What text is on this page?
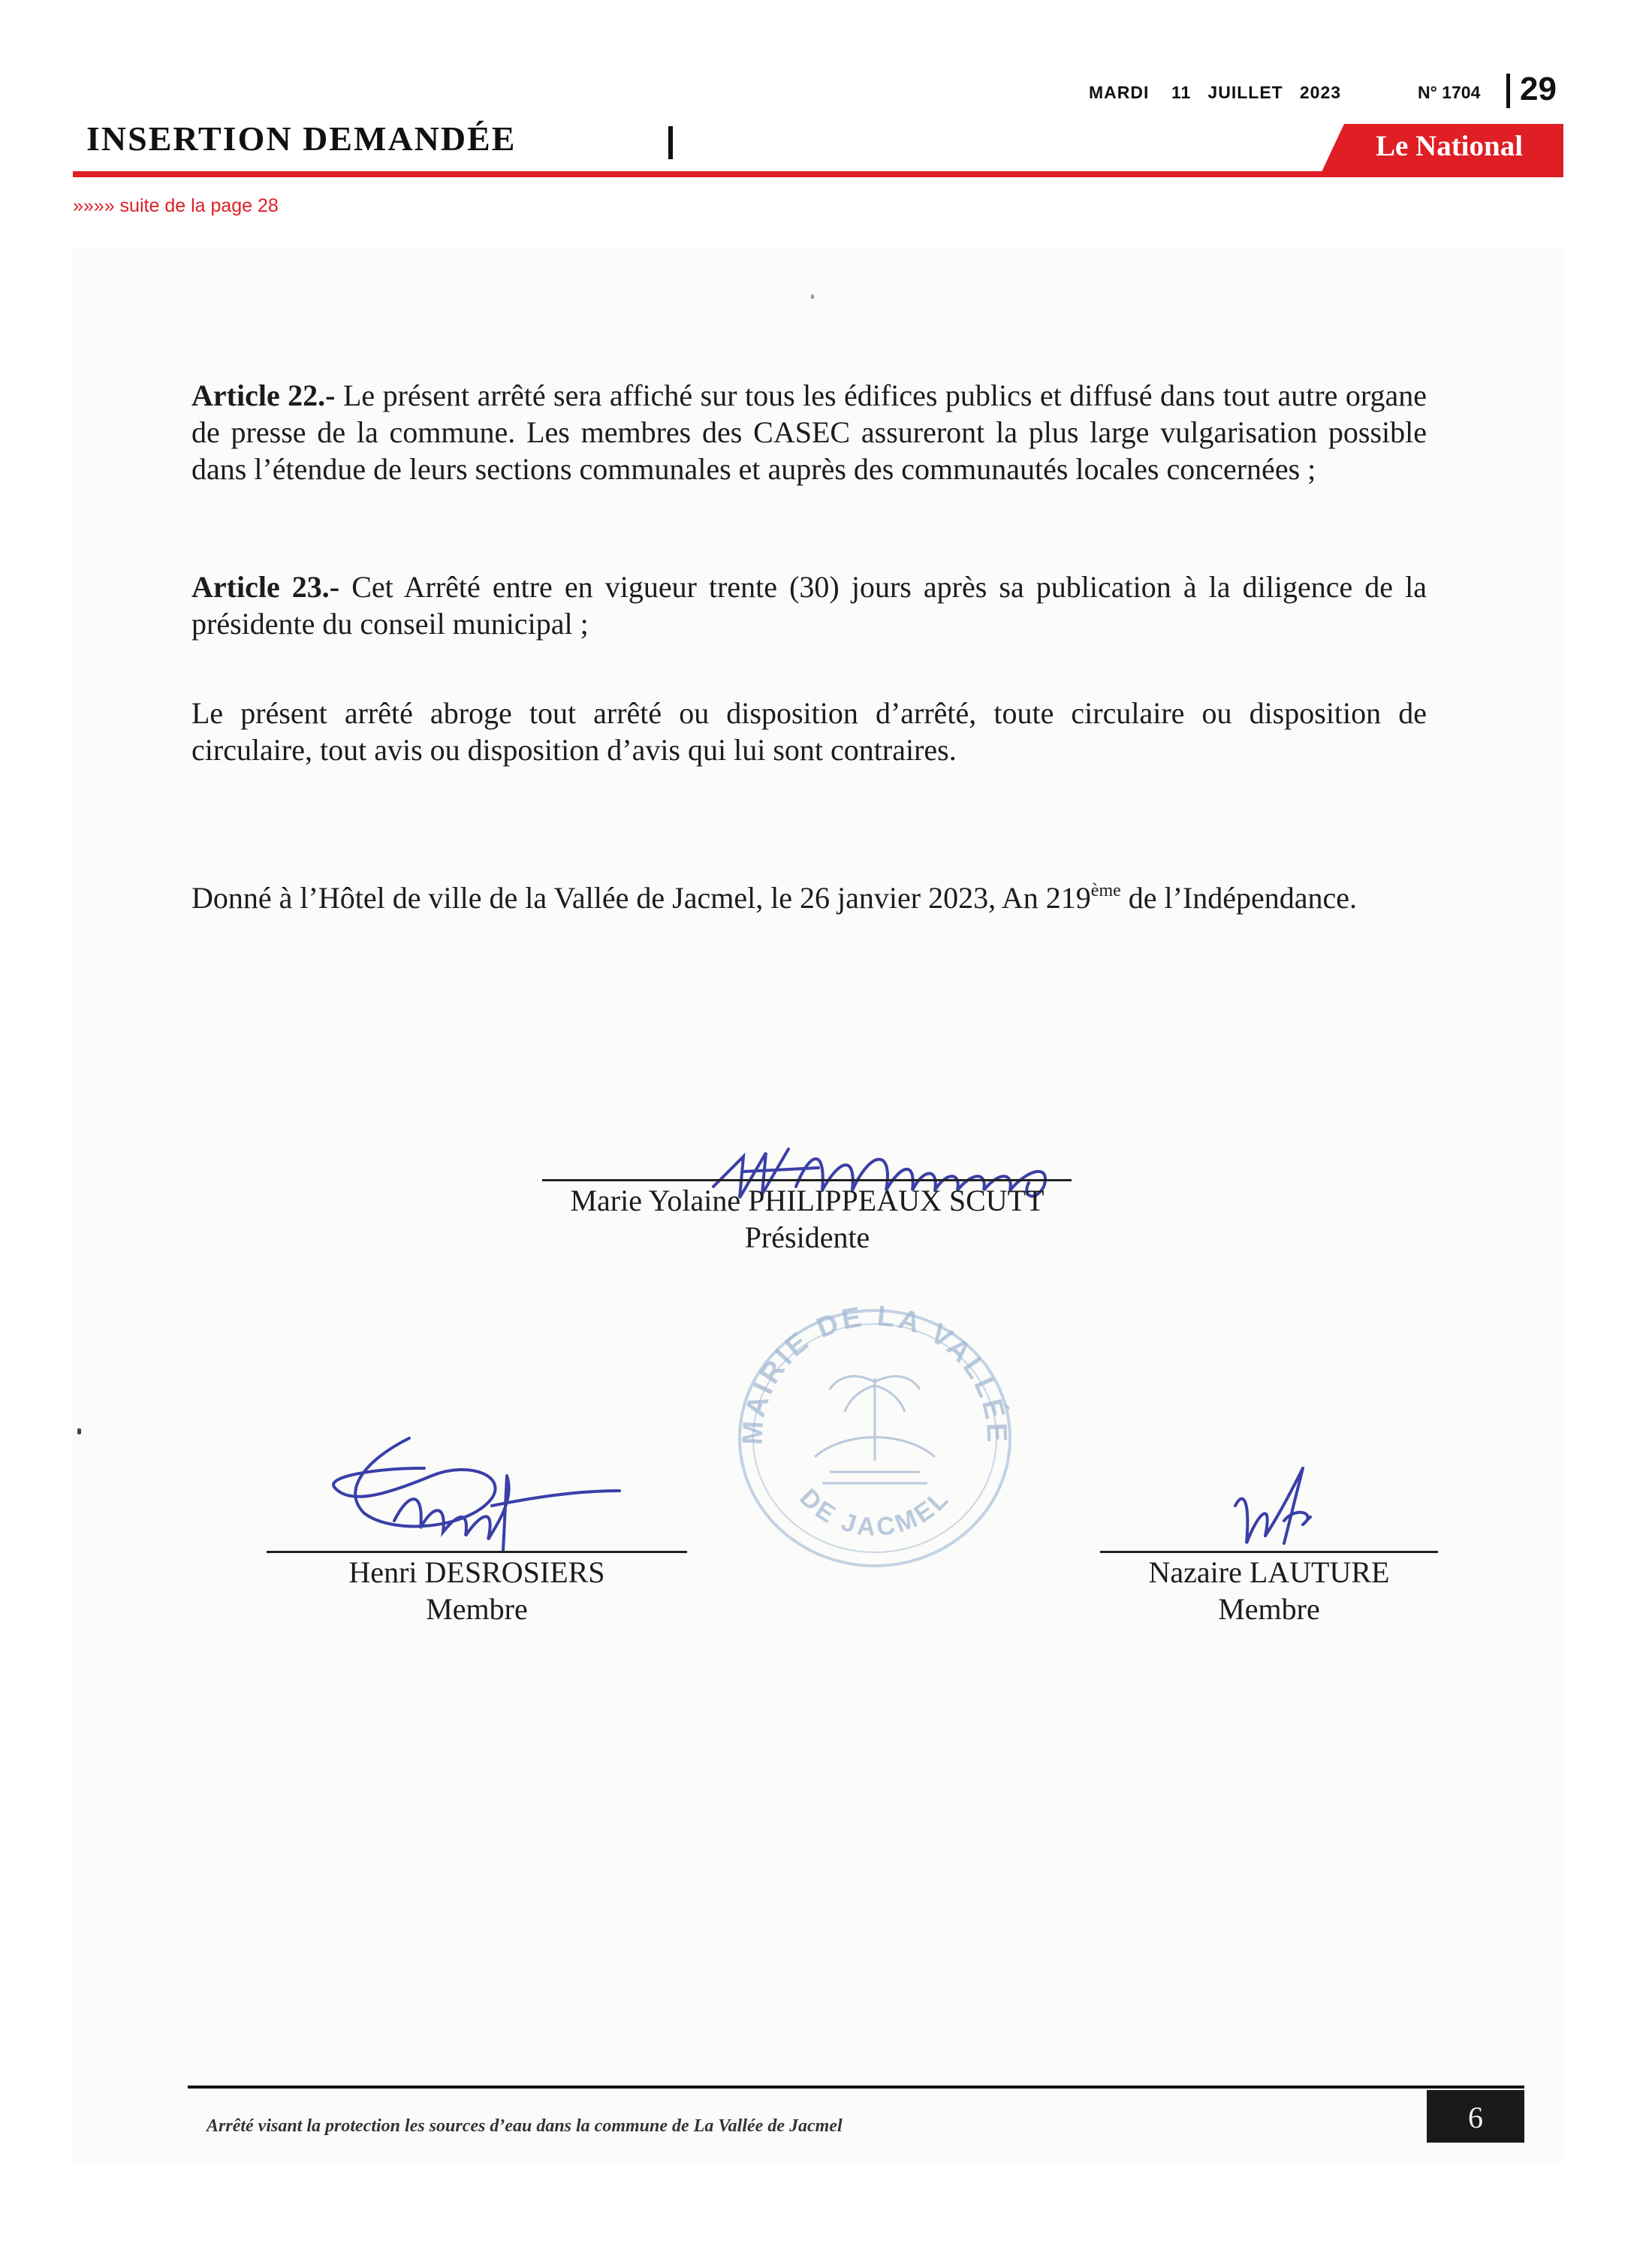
MARDI    11   JUILLET   2023	N° 1704 29
INSERTION DEMANDÉE	Le National
»»»» suite de la page 28

Article 22.- Le présent arrêté sera affiché sur tous les édifices publics et diffusé dans tout autre organe de presse de la commune. Les membres des CASEC assureront la plus large vulgarisation possible dans l’étendue de leurs sections communales et auprès des communautés locales concernées ;

Article 23.- Cet Arrêté entre en vigueur trente (30) jours après sa publication à la diligence de la présidente du conseil municipal ;

Le présent arrêté abroge tout arrêté ou disposition d’arrêté, toute circulaire ou disposition de circulaire, tout avis ou disposition d’avis qui lui sont contraires.

Donné à l’Hôtel de ville de la Vallée de Jacmel, le 26 janvier 2023, An 219ème de l’Indépendance.

Marie Yolaine PHILIPPEAUX SCUTT
Présidente
MAIRIE DE LA VALLÉE
DE JACMEL
Henri DESROSIERS
Membre
Nazaire LAUTURE
Membre
Arrêté visant la protection les sources d’eau dans la commune de La Vallée de Jacmel	6
